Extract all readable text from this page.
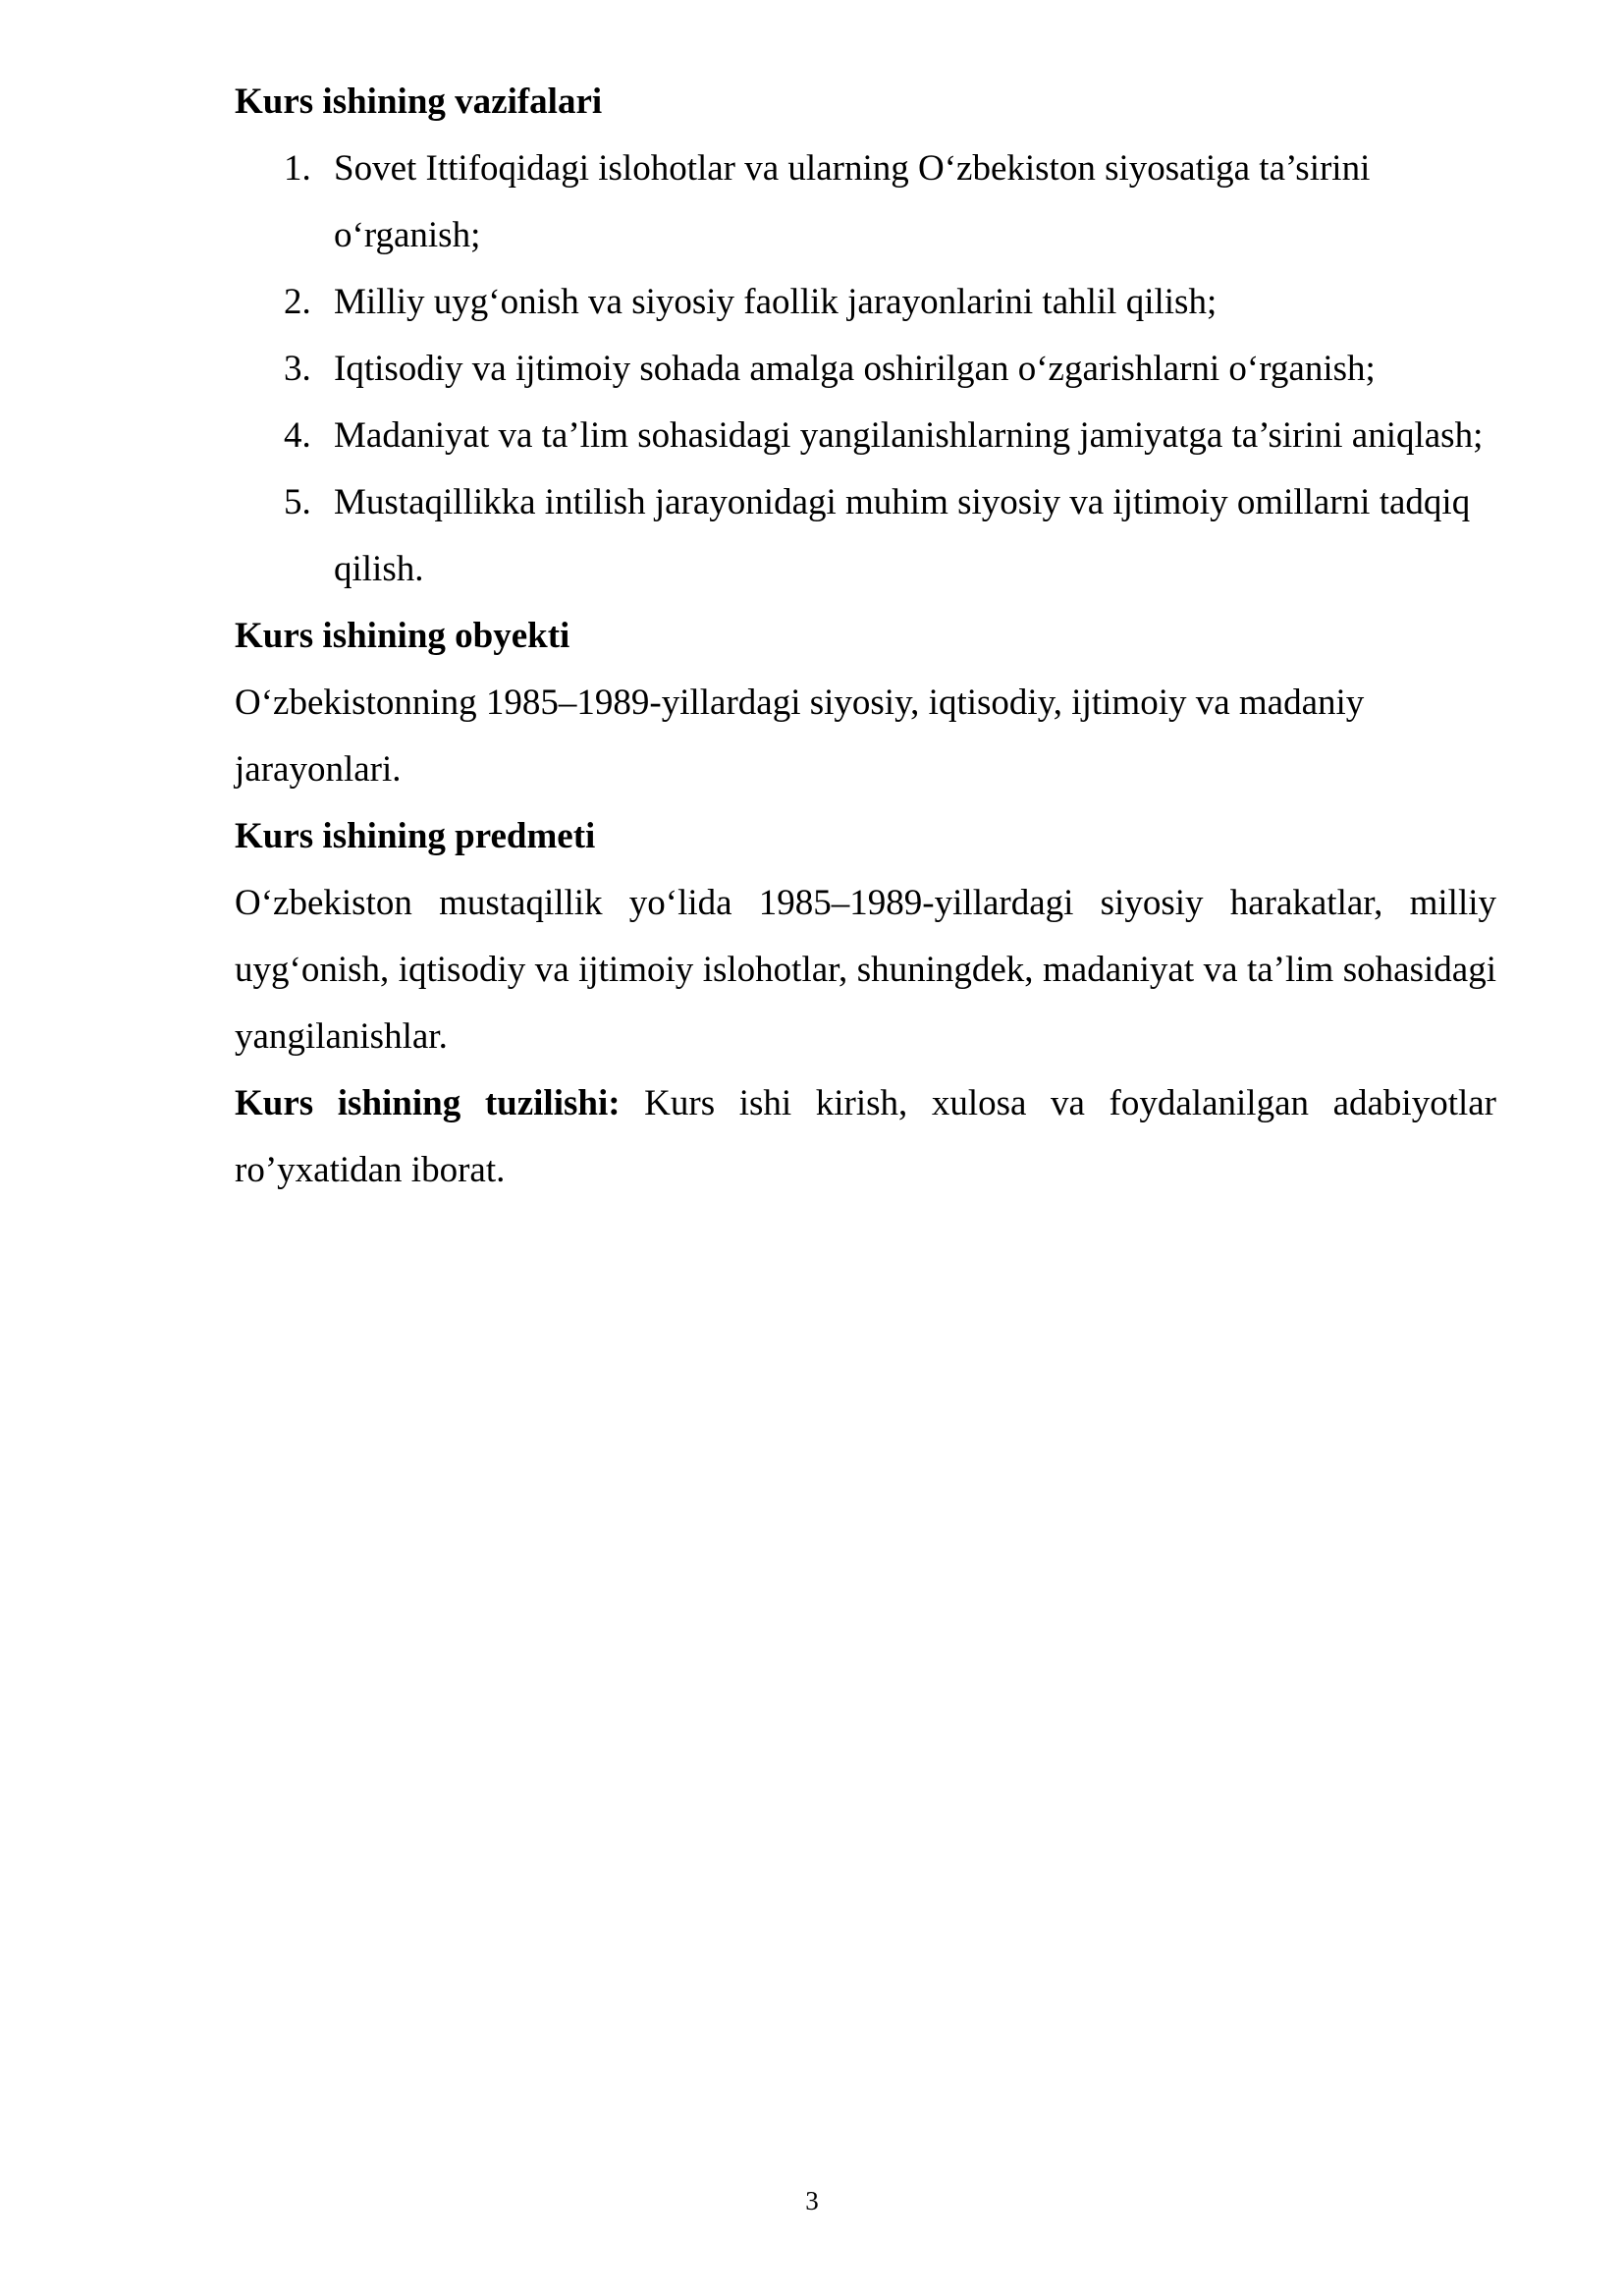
Kurs ishining vazifalari

1. Sovet Ittifoqidagi islohotlar va ularning O‘zbekiston siyosatiga ta’sirini o‘rganish;
2. Milliy uyg‘onish va siyosiy faollik jarayonlarini tahlil qilish;
3. Iqtisodiy va ijtimoiy sohada amalga oshirilgan o‘zgarishlarni o‘rganish;
4. Madaniyat va ta’lim sohasidagi yangilanishlarning jamiyatga ta’sirini aniqlash;
5. Mustaqillikka intilish jarayonidagi muhim siyosiy va ijtimoiy omillarni tadqiq qilish.

Kurs ishining obyekti

O‘zbekistonning 1985–1989-yillardagi siyosiy, iqtisodiy, ijtimoiy va madaniy jarayonlari.

Kurs ishining predmeti

O‘zbekiston mustaqillik yo‘lida 1985–1989-yillardagi siyosiy harakatlar, milliy uyg‘onish, iqtisodiy va ijtimoiy islohotlar, shuningdek, madaniyat va ta’lim sohasidagi yangilanishlar.

Kurs ishining tuzilishi: Kurs ishi kirish, xulosa va foydalanilgan adabiyotlar ro’yxatidan iborat.

3
